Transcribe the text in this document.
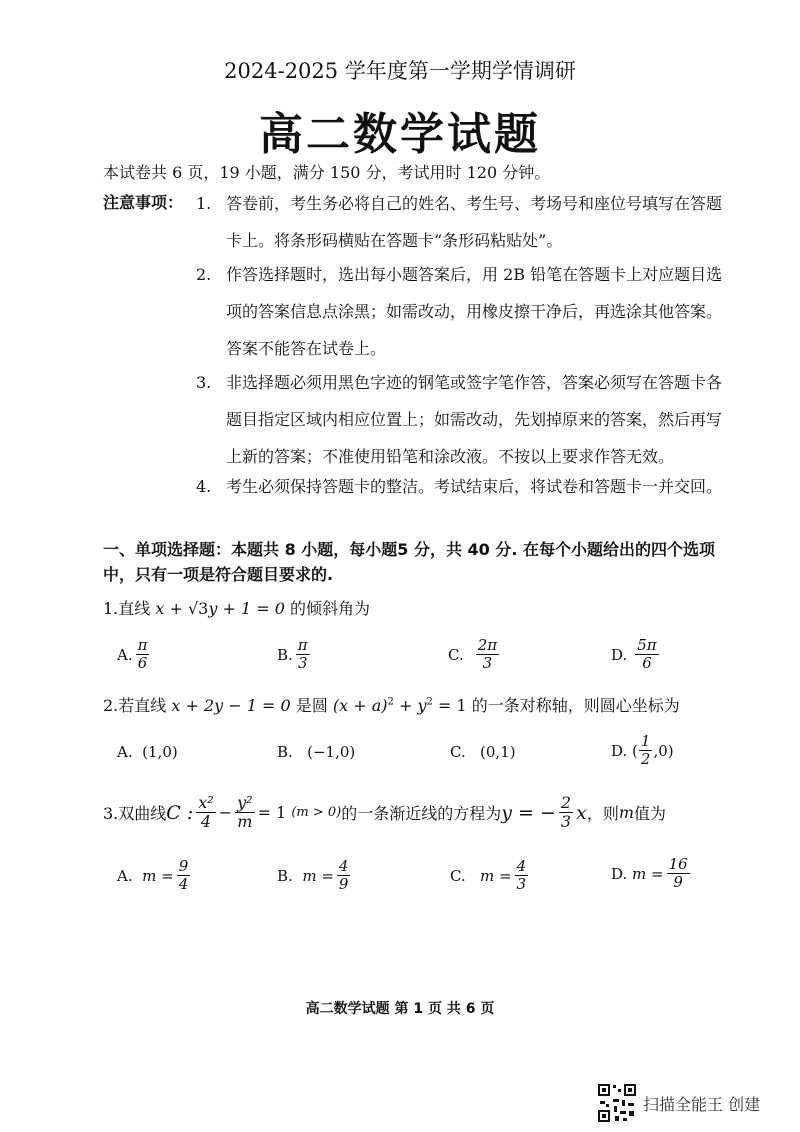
2024-2025 学年度第一学期学情调研
高二数学试题
本试卷共 6 页，19 小题，满分 150 分，考试用时 120 分钟。
注意事项： 1. 答卷前，考生务必将自己的姓名、考生号、考场号和座位号填写在答题卡上。将条形码横贴在答题卡“条形码粘贴处”。
2. 作答选择题时，选出每小题答案后，用 2B 铅笔在答题卡上对应题目选项的答案信息点涂黑；如需改动，用橡皮擦干净后，再选涂其他答案。答案不能答在试卷上。
3. 非选择题必须用黑色字迹的钢笔或签字笔作答，答案必须写在答题卡各题目指定区域内相应位置上；如需改动，先划掉原来的答案，然后再写上新的答案；不准使用铅笔和涂改液。不按以上要求作答无效。
4. 考生必须保持答题卡的整洁。考试结束后，将试卷和答题卡一并交回。
一、单项选择题：本题共 8 小题，每小题5 分，共 40 分. 在每个小题给出的四个选项中，只有一项是符合题目要求的.
1.直线 x + √3y + 1 = 0 的倾斜角为
A. $\frac{\pi}{6}$	B. $\frac{\pi}{3}$	C. $\frac{2\pi}{3}$	D. $\frac{5\pi}{6}$
2.若直线 x + 2y − 1 = 0 是圆 $(x + a)^2 + y^2 = 1$ 的一条对称轴，则圆心坐标为
A.
(1,0)	B.
(−1,0)	C.
(0,1)	D.
( $\frac{1}{2} ,0$)
3.双曲线 C : $\frac{\text{x²}}{4} - \frac{\text{y²}}{m} = 1$
(m > 0) 的一条渐近线的方程为 y = − $\frac{2}{3}$ x ，则 m 值为
A.
$m = \frac{9}{4}$	B.
$m = \frac{4}{9}$	C.
$m = \frac{4}{3}$	D.
$m = \frac{16}{9}$
高二数学试题 第 1 页 共 6 页
扫描全能王 创建
